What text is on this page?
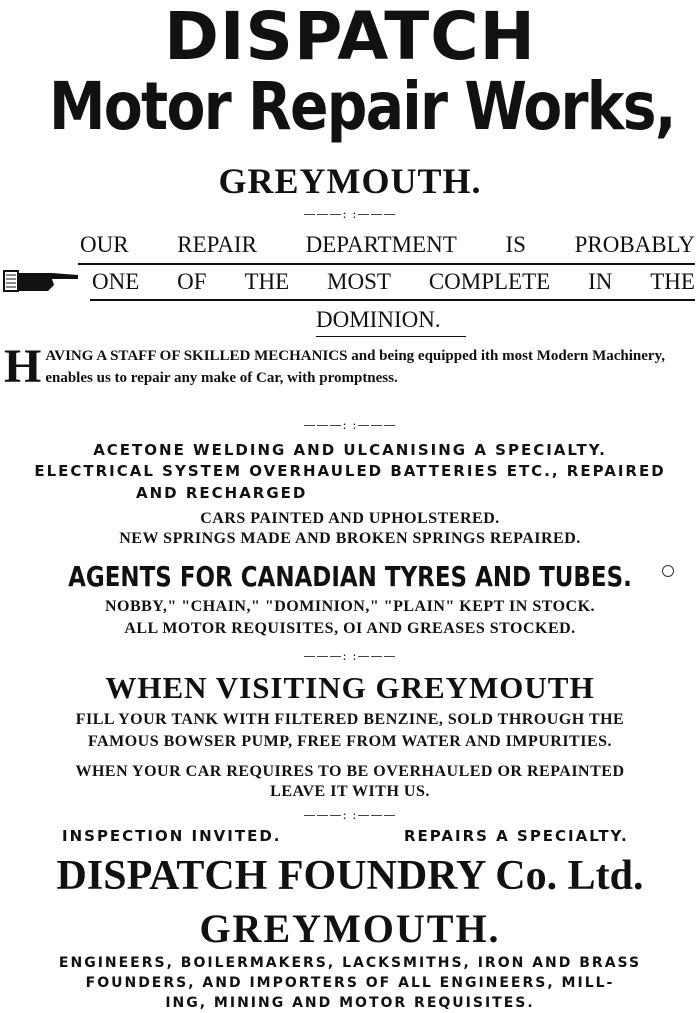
DISPATCH
Motor Repair Works,
GREYMOUTH.
———: :———
OUR REPAIR DEPARTMENT IS PROBABLY
ONE OF THE MOST COMPLETE IN THE
DOMINION.
HAVING A STAFF OF SKILLED MECHANICS and being equipped ith most Modern Machinery, enables us to repair any make of Car, with promptness.
———: :———
ACETONE WELDING AND ULCANISING A SPECIALTY.
ELECTRICAL SYSTEM OVERHAULED BATTERIES ETC., REPAIRED
AND RECHARGED
CARS PAINTED AND UPHOLSTERED.
NEW SPRINGS MADE AND BROKEN SPRINGS REPAIRED.
AGENTS FOR CANADIAN TYRES AND TUBES.
NOBBY," "CHAIN," "DOMINION," "PLAIN" KEPT IN STOCK.
ALL MOTOR REQUISITES, OI AND GREASES STOCKED.
———: :———
WHEN VISITING GREYMOUTH
FILL YOUR TANK WITH FILTERED BENZINE, SOLD THROUGH THE
FAMOUS BOWSER PUMP, FREE FROM WATER AND IMPURITIES.
WHEN YOUR CAR REQUIRES TO BE OVERHAULED OR REPAINTED
LEAVE IT WITH US.
———: :———
INSPECTION INVITED.	REPAIRS A SPECIALTY.
DISPATCH FOUNDRY Co. Ltd.
GREYMOUTH.
ENGINEERS, BOILERMAKERS, LACKSMITHS, IRON AND BRASS
FOUNDERS, AND IMPORTERS OF ALL ENGINEERS, MILL-
ING, MINING AND MOTOR REQUISITES.
